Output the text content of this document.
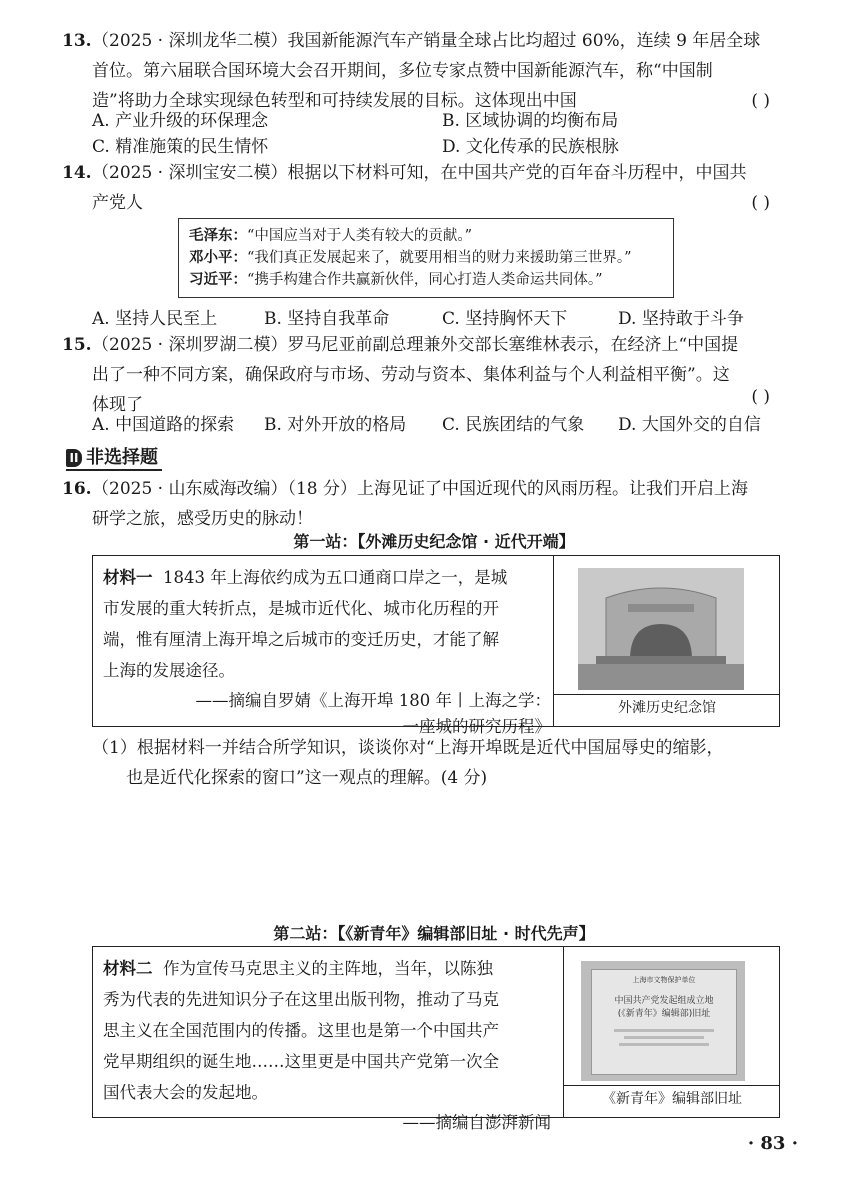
13. （2025 · 深圳龙华二模）我国新能源汽车产销量全球占比均超过 60%，连续 9 年居全球
首位。第六届联合国环境大会召开期间，多位专家点赞中国新能源汽车，称“中国制
造”将助力全球实现绿色转型和可持续发展的目标。这体现出中国	( )
A. 产业升级的环保理念	B. 区域协调的均衡布局
C. 精准施策的民生情怀	D. 文化传承的民族根脉
14. （2025 · 深圳宝安二模）根据以下材料可知，在中国共产党的百年奋斗历程中，中国共
产党人	( )
毛泽东：“中国应当对于人类有较大的贡献。”
邓小平：“我们真正发展起来了，就要用相当的财力来援助第三世界。”
习近平：“携手构建合作共赢新伙伴，同心打造人类命运共同体。”
A. 坚持人民至上	B. 坚持自我革命	C. 坚持胸怀天下	D. 坚持敢于斗争
15. （2025 · 深圳罗湖二模）罗马尼亚前副总理兼外交部长塞维林表示，在经济上“中国提
出了一种不同方案，确保政府与市场、劳动与资本、集体利益与个人利益相平衡”。这
体现了	( )
A. 中国道路的探索 B. 对外开放的格局 C. 民族团结的气象 D. 大国外交的自信
II 非选择题
16. （2025 · 山东威海改编）（18 分）上海见证了中国近现代的风雨历程。让我们开启上海
研学之旅，感受历史的脉动！
第一站：【外滩历史纪念馆 · 近代开端】
材料一 1843 年上海依约成为五口通商口岸之一，是城
市发展的重大转折点，是城市近代化、城市化历程的开
端，惟有厘清上海开埠之后城市的变迁历史，才能了解
上海的发展途径。
——摘编自罗婧《上海开埠 180 年丨上海之学：
一座城的研究历程》
外滩历史纪念馆
（1）根据材料一并结合所学知识，谈谈你对“上海开埠既是近代中国屈辱史的缩影，
也是近代化探索的窗口”这一观点的理解。(4 分)
第二站：【《新青年》编辑部旧址 · 时代先声】
材料二 作为宣传马克思主义的主阵地，当年，以陈独
秀为代表的先进知识分子在这里出版刊物，推动了马克
思主义在全国范围内的传播。这里也是第一个中国共产
党早期组织的诞生地……这里更是中国共产党第一次全
国代表大会的发起地。
——摘编自澎湃新闻
上海市文物保护单位
中国共产党发起组成立地
(《新青年》编辑部)旧址
《新青年》编辑部旧址
· 83 ·
